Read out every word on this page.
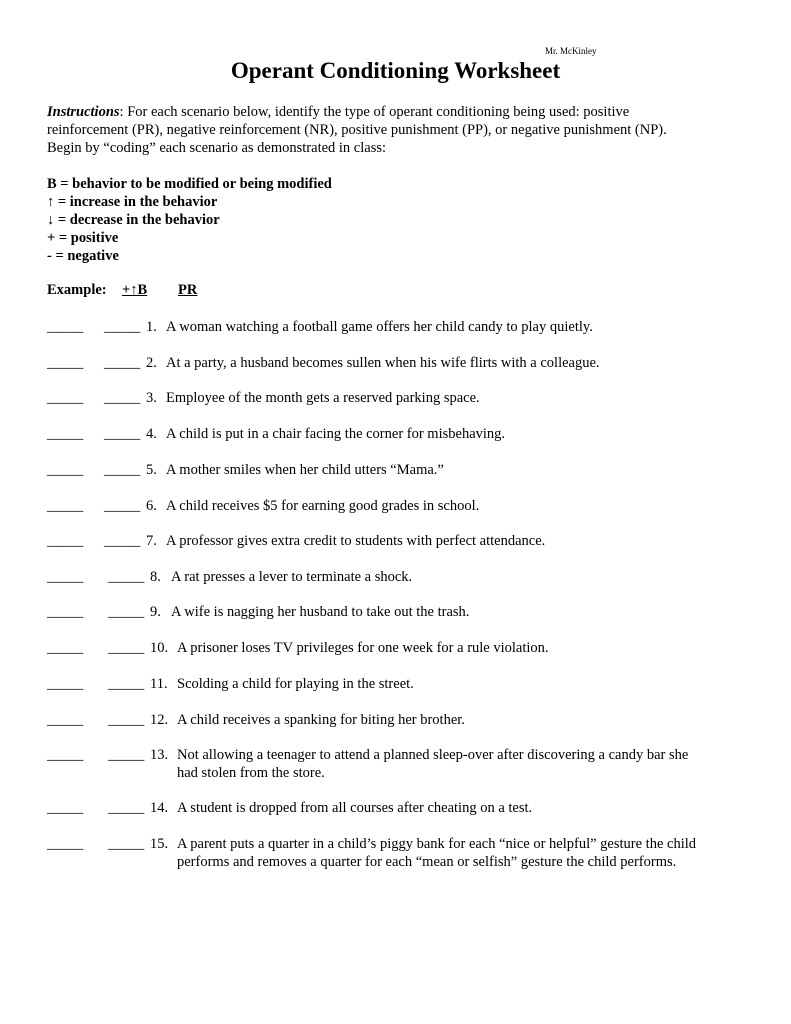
Mr. McKinley
Operant Conditioning Worksheet
Instructions: For each scenario below, identify the type of operant conditioning being used: positive
reinforcement (PR), negative reinforcement (NR), positive punishment (PP), or negative punishment (NP).
Begin by “coding” each scenario as demonstrated in class:
B = behavior to be modified or being modified
↑ = increase in the behavior
↓ = decrease in the behavior
+ = positive
- = negative
Example: +↑B PR
_____ _____ 1. A woman watching a football game offers her child candy to play quietly.
_____ _____ 2. At a party, a husband becomes sullen when his wife flirts with a colleague.
_____ _____ 3. Employee of the month gets a reserved parking space.
_____ _____ 4. A child is put in a chair facing the corner for misbehaving.
_____ _____ 5. A mother smiles when her child utters “Mama.”
_____ _____ 6. A child receives $5 for earning good grades in school.
_____ _____ 7. A professor gives extra credit to students with perfect attendance.
_____ _____ 8. A rat presses a lever to terminate a shock.
_____ _____ 9. A wife is nagging her husband to take out the trash.
_____ _____ 10. A prisoner loses TV privileges for one week for a rule violation.
_____ _____ 11. Scolding a child for playing in the street.
_____ _____ 12. A child receives a spanking for biting her brother.
_____ _____ 13. Not allowing a teenager to attend a planned sleep-over after discovering a candy bar she
had stolen from the store.
_____ _____ 14. A student is dropped from all courses after cheating on a test.
_____ _____ 15. A parent puts a quarter in a child’s piggy bank for each “nice or helpful” gesture the child
performs and removes a quarter for each “mean or selfish” gesture the child performs.
